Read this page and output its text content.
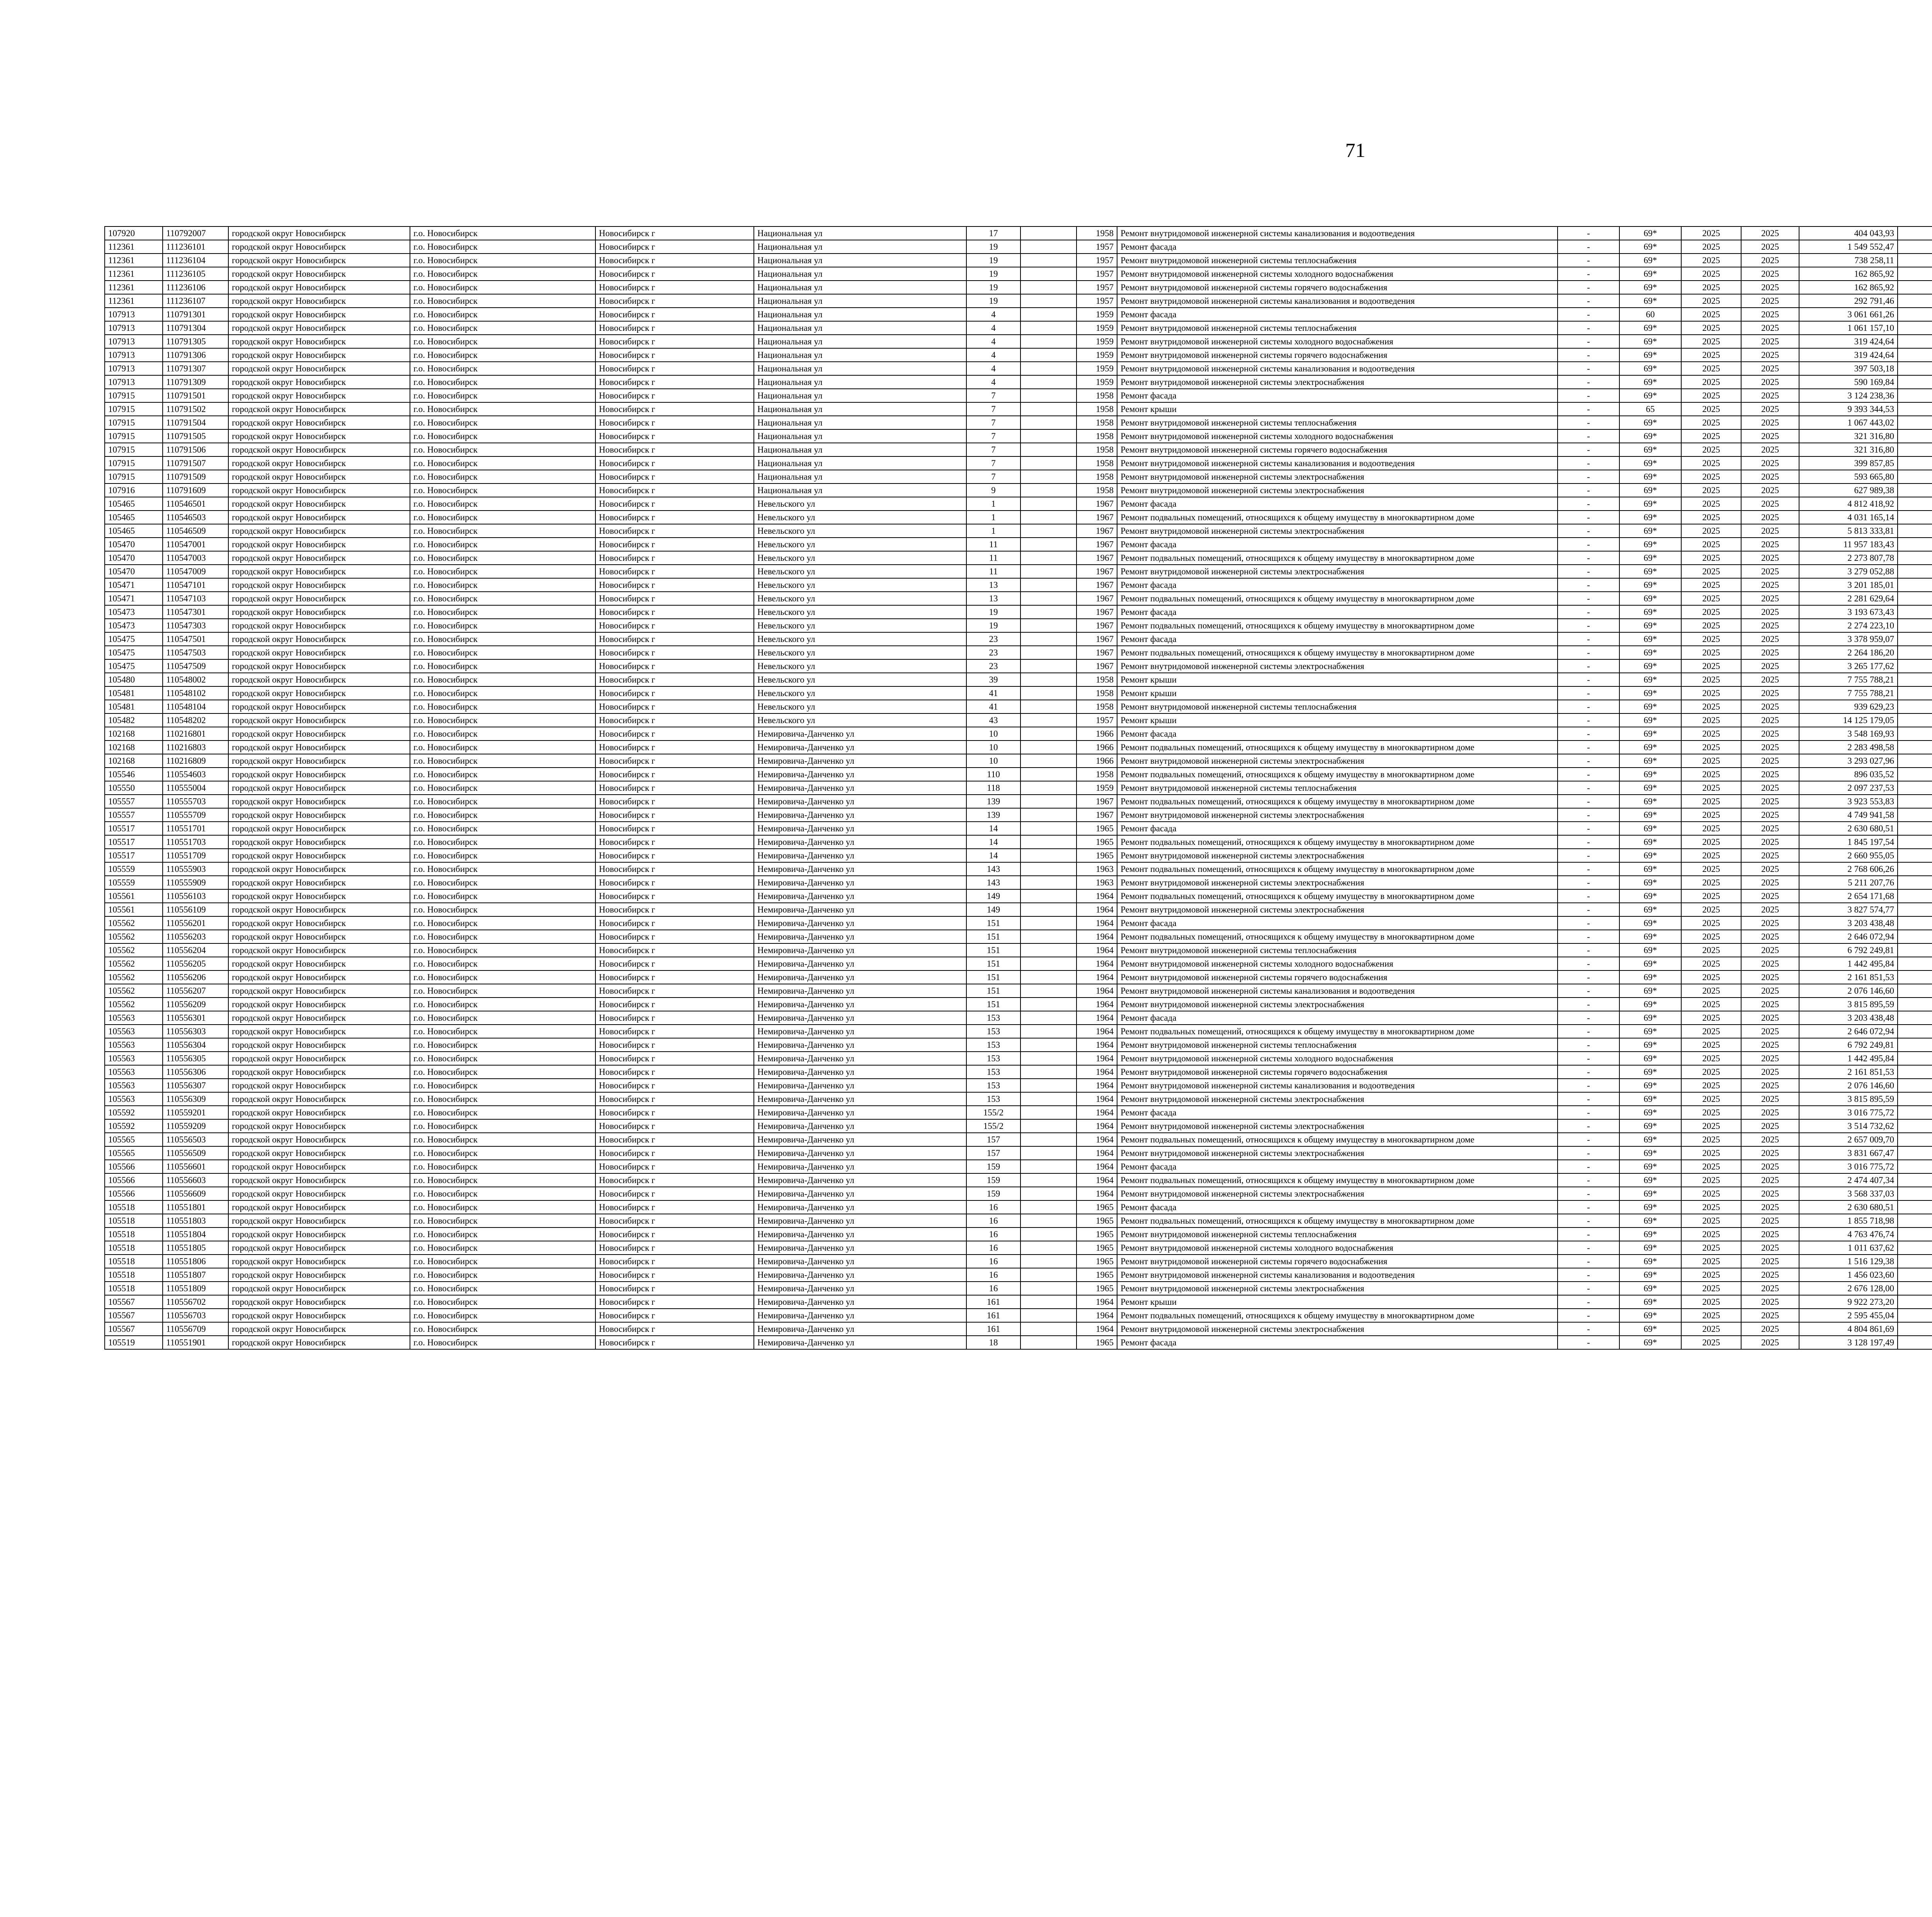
71
107920	110792007	городской округ Новосибирск	г.о. Новосибирск	Новосибирск г	Национальная ул	17		1958	Ремонт внутридомовой инженерной системы канализования и водоотведения	-	69*	2025	2025	404 043,93							
112361	111236101	городской округ Новосибирск	г.о. Новосибирск	Новосибирск г	Национальная ул	19		1957	Ремонт фасада	-	69*	2025	2025	1 549 552,47							
112361	111236104	городской округ Новосибирск	г.о. Новосибирск	Новосибирск г	Национальная ул	19		1957	Ремонт внутридомовой инженерной системы теплоснабжения	-	69*	2025	2025	738 258,11							
112361	111236105	городской округ Новосибирск	г.о. Новосибирск	Новосибирск г	Национальная ул	19		1957	Ремонт внутридомовой инженерной системы холодного водоснабжения	-	69*	2025	2025	162 865,92							
112361	111236106	городской округ Новосибирск	г.о. Новосибирск	Новосибирск г	Национальная ул	19		1957	Ремонт внутридомовой инженерной системы горячего водоснабжения	-	69*	2025	2025	162 865,92							
112361	111236107	городской округ Новосибирск	г.о. Новосибирск	Новосибирск г	Национальная ул	19		1957	Ремонт внутридомовой инженерной системы канализования и водоотведения	-	69*	2025	2025	292 791,46							
107913	110791301	городской округ Новосибирск	г.о. Новосибирск	Новосибирск г	Национальная ул	4		1959	Ремонт фасада	-	60	2025	2025	3 061 661,26							
107913	110791304	городской округ Новосибирск	г.о. Новосибирск	Новосибирск г	Национальная ул	4		1959	Ремонт внутридомовой инженерной системы теплоснабжения	-	69*	2025	2025	1 061 157,10							
107913	110791305	городской округ Новосибирск	г.о. Новосибирск	Новосибирск г	Национальная ул	4		1959	Ремонт внутридомовой инженерной системы холодного водоснабжения	-	69*	2025	2025	319 424,64							
107913	110791306	городской округ Новосибирск	г.о. Новосибирск	Новосибирск г	Национальная ул	4		1959	Ремонт внутридомовой инженерной системы горячего водоснабжения	-	69*	2025	2025	319 424,64							
107913	110791307	городской округ Новосибирск	г.о. Новосибирск	Новосибирск г	Национальная ул	4		1959	Ремонт внутридомовой инженерной системы канализования и водоотведения	-	69*	2025	2025	397 503,18							
107913	110791309	городской округ Новосибирск	г.о. Новосибирск	Новосибирск г	Национальная ул	4		1959	Ремонт внутридомовой инженерной системы электроснабжения	-	69*	2025	2025	590 169,84							
107915	110791501	городской округ Новосибирск	г.о. Новосибирск	Новосибирск г	Национальная ул	7		1958	Ремонт фасада	-	69*	2025	2025	3 124 238,36							
107915	110791502	городской округ Новосибирск	г.о. Новосибирск	Новосибирск г	Национальная ул	7		1958	Ремонт крыши	-	65	2025	2025	9 393 344,53							
107915	110791504	городской округ Новосибирск	г.о. Новосибирск	Новосибирск г	Национальная ул	7		1958	Ремонт внутридомовой инженерной системы теплоснабжения	-	69*	2025	2025	1 067 443,02							
107915	110791505	городской округ Новосибирск	г.о. Новосибирск	Новосибирск г	Национальная ул	7		1958	Ремонт внутридомовой инженерной системы холодного водоснабжения	-	69*	2025	2025	321 316,80							
107915	110791506	городской округ Новосибирск	г.о. Новосибирск	Новосибирск г	Национальная ул	7		1958	Ремонт внутридомовой инженерной системы горячего водоснабжения	-	69*	2025	2025	321 316,80							
107915	110791507	городской округ Новосибирск	г.о. Новосибирск	Новосибирск г	Национальная ул	7		1958	Ремонт внутридомовой инженерной системы канализования и водоотведения	-	69*	2025	2025	399 857,85							
107915	110791509	городской округ Новосибирск	г.о. Новосибирск	Новосибирск г	Национальная ул	7		1958	Ремонт внутридомовой инженерной системы электроснабжения	-	69*	2025	2025	593 665,80							
107916	110791609	городской округ Новосибирск	г.о. Новосибирск	Новосибирск г	Национальная ул	9		1958	Ремонт внутридомовой инженерной системы электроснабжения	-	69*	2025	2025	627 989,38							
105465	110546501	городской округ Новосибирск	г.о. Новосибирск	Новосибирск г	Невельского ул	1		1967	Ремонт фасада	-	69*	2025	2025	4 812 418,92							
105465	110546503	городской округ Новосибирск	г.о. Новосибирск	Новосибирск г	Невельского ул	1		1967	Ремонт подвальных помещений, относящихся к общему имуществу в многоквартирном доме	-	69*	2025	2025	4 031 165,14							
105465	110546509	городской округ Новосибирск	г.о. Новосибирск	Новосибирск г	Невельского ул	1		1967	Ремонт внутридомовой инженерной системы электроснабжения	-	69*	2025	2025	5 813 333,81							
105470	110547001	городской округ Новосибирск	г.о. Новосибирск	Новосибирск г	Невельского ул	11		1967	Ремонт фасада	-	69*	2025	2025	11 957 183,43							
105470	110547003	городской округ Новосибирск	г.о. Новосибирск	Новосибирск г	Невельского ул	11		1967	Ремонт подвальных помещений, относящихся к общему имуществу в многоквартирном доме	-	69*	2025	2025	2 273 807,78							
105470	110547009	городской округ Новосибирск	г.о. Новосибирск	Новосибирск г	Невельского ул	11		1967	Ремонт внутридомовой инженерной системы электроснабжения	-	69*	2025	2025	3 279 052,88							
105471	110547101	городской округ Новосибирск	г.о. Новосибирск	Новосибирск г	Невельского ул	13		1967	Ремонт фасада	-	69*	2025	2025	3 201 185,01							
105471	110547103	городской округ Новосибирск	г.о. Новосибирск	Новосибирск г	Невельского ул	13		1967	Ремонт подвальных помещений, относящихся к общему имуществу в многоквартирном доме	-	69*	2025	2025	2 281 629,64							
105473	110547301	городской округ Новосибирск	г.о. Новосибирск	Новосибирск г	Невельского ул	19		1967	Ремонт фасада	-	69*	2025	2025	3 193 673,43							
105473	110547303	городской округ Новосибирск	г.о. Новосибирск	Новосибирск г	Невельского ул	19		1967	Ремонт подвальных помещений, относящихся к общему имуществу в многоквартирном доме	-	69*	2025	2025	2 274 223,10							
105475	110547501	городской округ Новосибирск	г.о. Новосибирск	Новосибирск г	Невельского ул	23		1967	Ремонт фасада	-	69*	2025	2025	3 378 959,07							
105475	110547503	городской округ Новосибирск	г.о. Новосибирск	Новосибирск г	Невельского ул	23		1967	Ремонт подвальных помещений, относящихся к общему имуществу в многоквартирном доме	-	69*	2025	2025	2 264 186,20							
105475	110547509	городской округ Новосибирск	г.о. Новосибирск	Новосибирск г	Невельского ул	23		1967	Ремонт внутридомовой инженерной системы электроснабжения	-	69*	2025	2025	3 265 177,62							
105480	110548002	городской округ Новосибирск	г.о. Новосибирск	Новосибирск г	Невельского ул	39		1958	Ремонт крыши	-	69*	2025	2025	7 755 788,21							
105481	110548102	городской округ Новосибирск	г.о. Новосибирск	Новосибирск г	Невельского ул	41		1958	Ремонт крыши	-	69*	2025	2025	7 755 788,21							
105481	110548104	городской округ Новосибирск	г.о. Новосибирск	Новосибирск г	Невельского ул	41		1958	Ремонт внутридомовой инженерной системы теплоснабжения	-	69*	2025	2025	939 629,23							
105482	110548202	городской округ Новосибирск	г.о. Новосибирск	Новосибирск г	Невельского ул	43		1957	Ремонт крыши	-	69*	2025	2025	14 125 179,05							
102168	110216801	городской округ Новосибирск	г.о. Новосибирск	Новосибирск г	Немировича-Данченко ул	10		1966	Ремонт фасада	-	69*	2025	2025	3 548 169,93							
102168	110216803	городской округ Новосибирск	г.о. Новосибирск	Новосибирск г	Немировича-Данченко ул	10		1966	Ремонт подвальных помещений, относящихся к общему имуществу в многоквартирном доме	-	69*	2025	2025	2 283 498,58							
102168	110216809	городской округ Новосибирск	г.о. Новосибирск	Новосибирск г	Немировича-Данченко ул	10		1966	Ремонт внутридомовой инженерной системы электроснабжения	-	69*	2025	2025	3 293 027,96							
105546	110554603	городской округ Новосибирск	г.о. Новосибирск	Новосибирск г	Немировича-Данченко ул	110		1958	Ремонт подвальных помещений, относящихся к общему имуществу в многоквартирном доме	-	69*	2025	2025	896 035,52							
105550	110555004	городской округ Новосибирск	г.о. Новосибирск	Новосибирск г	Немировича-Данченко ул	118		1959	Ремонт внутридомовой инженерной системы теплоснабжения	-	69*	2025	2025	2 097 237,53							
105557	110555703	городской округ Новосибирск	г.о. Новосибирск	Новосибирск г	Немировича-Данченко ул	139		1967	Ремонт подвальных помещений, относящихся к общему имуществу в многоквартирном доме	-	69*	2025	2025	3 923 553,83							
105557	110555709	городской округ Новосибирск	г.о. Новосибирск	Новосибирск г	Немировича-Данченко ул	139		1967	Ремонт внутридомовой инженерной системы электроснабжения	-	69*	2025	2025	4 749 941,58							
105517	110551701	городской округ Новосибирск	г.о. Новосибирск	Новосибирск г	Немировича-Данченко ул	14		1965	Ремонт фасада	-	69*	2025	2025	2 630 680,51							
105517	110551703	городской округ Новосибирск	г.о. Новосибирск	Новосибирск г	Немировича-Данченко ул	14		1965	Ремонт подвальных помещений, относящихся к общему имуществу в многоквартирном доме	-	69*	2025	2025	1 845 197,54							
105517	110551709	городской округ Новосибирск	г.о. Новосибирск	Новосибирск г	Немировича-Данченко ул	14		1965	Ремонт внутридомовой инженерной системы электроснабжения	-	69*	2025	2025	2 660 955,05							
105559	110555903	городской округ Новосибирск	г.о. Новосибирск	Новосибирск г	Немировича-Данченко ул	143		1963	Ремонт подвальных помещений, относящихся к общему имуществу в многоквартирном доме	-	69*	2025	2025	2 768 606,26							
105559	110555909	городской округ Новосибирск	г.о. Новосибирск	Новосибирск г	Немировича-Данченко ул	143		1963	Ремонт внутридомовой инженерной системы электроснабжения	-	69*	2025	2025	5 211 207,76							
105561	110556103	городской округ Новосибирск	г.о. Новосибирск	Новосибирск г	Немировича-Данченко ул	149		1964	Ремонт подвальных помещений, относящихся к общему имуществу в многоквартирном доме	-	69*	2025	2025	2 654 171,68							
105561	110556109	городской округ Новосибирск	г.о. Новосибирск	Новосибирск г	Немировича-Данченко ул	149		1964	Ремонт внутридомовой инженерной системы электроснабжения	-	69*	2025	2025	3 827 574,77							
105562	110556201	городской округ Новосибирск	г.о. Новосибирск	Новосибирск г	Немировича-Данченко ул	151		1964	Ремонт фасада	-	69*	2025	2025	3 203 438,48							
105562	110556203	городской округ Новосибирск	г.о. Новосибирск	Новосибирск г	Немировича-Данченко ул	151		1964	Ремонт подвальных помещений, относящихся к общему имуществу в многоквартирном доме	-	69*	2025	2025	2 646 072,94							
105562	110556204	городской округ Новосибирск	г.о. Новосибирск	Новосибирск г	Немировича-Данченко ул	151		1964	Ремонт внутридомовой инженерной системы теплоснабжения	-	69*	2025	2025	6 792 249,81							
105562	110556205	городской округ Новосибирск	г.о. Новосибирск	Новосибирск г	Немировича-Данченко ул	151		1964	Ремонт внутридомовой инженерной системы холодного водоснабжения	-	69*	2025	2025	1 442 495,84							
105562	110556206	городской округ Новосибирск	г.о. Новосибирск	Новосибирск г	Немировича-Данченко ул	151		1964	Ремонт внутридомовой инженерной системы горячего водоснабжения	-	69*	2025	2025	2 161 851,53							
105562	110556207	городской округ Новосибирск	г.о. Новосибирск	Новосибирск г	Немировича-Данченко ул	151		1964	Ремонт внутридомовой инженерной системы канализования и водоотведения	-	69*	2025	2025	2 076 146,60							
105562	110556209	городской округ Новосибирск	г.о. Новосибирск	Новосибирск г	Немировича-Данченко ул	151		1964	Ремонт внутридомовой инженерной системы электроснабжения	-	69*	2025	2025	3 815 895,59							
105563	110556301	городской округ Новосибирск	г.о. Новосибирск	Новосибирск г	Немировича-Данченко ул	153		1964	Ремонт фасада	-	69*	2025	2025	3 203 438,48							
105563	110556303	городской округ Новосибирск	г.о. Новосибирск	Новосибирск г	Немировича-Данченко ул	153		1964	Ремонт подвальных помещений, относящихся к общему имуществу в многоквартирном доме	-	69*	2025	2025	2 646 072,94							
105563	110556304	городской округ Новосибирск	г.о. Новосибирск	Новосибирск г	Немировича-Данченко ул	153		1964	Ремонт внутридомовой инженерной системы теплоснабжения	-	69*	2025	2025	6 792 249,81							
105563	110556305	городской округ Новосибирск	г.о. Новосибирск	Новосибирск г	Немировича-Данченко ул	153		1964	Ремонт внутридомовой инженерной системы холодного водоснабжения	-	69*	2025	2025	1 442 495,84							
105563	110556306	городской округ Новосибирск	г.о. Новосибирск	Новосибирск г	Немировича-Данченко ул	153		1964	Ремонт внутридомовой инженерной системы горячего водоснабжения	-	69*	2025	2025	2 161 851,53							
105563	110556307	городской округ Новосибирск	г.о. Новосибирск	Новосибирск г	Немировича-Данченко ул	153		1964	Ремонт внутридомовой инженерной системы канализования и водоотведения	-	69*	2025	2025	2 076 146,60							
105563	110556309	городской округ Новосибирск	г.о. Новосибирск	Новосибирск г	Немировича-Данченко ул	153		1964	Ремонт внутридомовой инженерной системы электроснабжения	-	69*	2025	2025	3 815 895,59							
105592	110559201	городской округ Новосибирск	г.о. Новосибирск	Новосибирск г	Немировича-Данченко ул	155/2		1964	Ремонт фасада	-	69*	2025	2025	3 016 775,72							
105592	110559209	городской округ Новосибирск	г.о. Новосибирск	Новосибирск г	Немировича-Данченко ул	155/2		1964	Ремонт внутридомовой инженерной системы электроснабжения	-	69*	2025	2025	3 514 732,62							
105565	110556503	городской округ Новосибирск	г.о. Новосибирск	Новосибирск г	Немировича-Данченко ул	157		1964	Ремонт подвальных помещений, относящихся к общему имуществу в многоквартирном доме	-	69*	2025	2025	2 657 009,70							
105565	110556509	городской округ Новосибирск	г.о. Новосибирск	Новосибирск г	Немировича-Данченко ул	157		1964	Ремонт внутридомовой инженерной системы электроснабжения	-	69*	2025	2025	3 831 667,47							
105566	110556601	городской округ Новосибирск	г.о. Новосибирск	Новосибирск г	Немировича-Данченко ул	159		1964	Ремонт фасада	-	69*	2025	2025	3 016 775,72							
105566	110556603	городской округ Новосибирск	г.о. Новосибирск	Новосибирск г	Немировича-Данченко ул	159		1964	Ремонт подвальных помещений, относящихся к общему имуществу в многоквартирном доме	-	69*	2025	2025	2 474 407,34							
105566	110556609	городской округ Новосибирск	г.о. Новосибирск	Новосибирск г	Немировича-Данченко ул	159		1964	Ремонт внутридомовой инженерной системы электроснабжения	-	69*	2025	2025	3 568 337,03							
105518	110551801	городской округ Новосибирск	г.о. Новосибирск	Новосибирск г	Немировича-Данченко ул	16		1965	Ремонт фасада	-	69*	2025	2025	2 630 680,51							
105518	110551803	городской округ Новосибирск	г.о. Новосибирск	Новосибирск г	Немировича-Данченко ул	16		1965	Ремонт подвальных помещений, относящихся к общему имуществу в многоквартирном доме	-	69*	2025	2025	1 855 718,98							
105518	110551804	городской округ Новосибирск	г.о. Новосибирск	Новосибирск г	Немировича-Данченко ул	16		1965	Ремонт внутридомовой инженерной системы теплоснабжения	-	69*	2025	2025	4 763 476,74							
105518	110551805	городской округ Новосибирск	г.о. Новосибирск	Новосибирск г	Немировича-Данченко ул	16		1965	Ремонт внутридомовой инженерной системы холодного водоснабжения	-	69*	2025	2025	1 011 637,62							
105518	110551806	городской округ Новосибирск	г.о. Новосибирск	Новосибирск г	Немировича-Данченко ул	16		1965	Ремонт внутридомовой инженерной системы горячего водоснабжения	-	69*	2025	2025	1 516 129,38							
105518	110551807	городской округ Новосибирск	г.о. Новосибирск	Новосибирск г	Немировича-Данченко ул	16		1965	Ремонт внутридомовой инженерной системы канализования и водоотведения	-	69*	2025	2025	1 456 023,60							
105518	110551809	городской округ Новосибирск	г.о. Новосибирск	Новосибирск г	Немировича-Данченко ул	16		1965	Ремонт внутридомовой инженерной системы электроснабжения	-	69*	2025	2025	2 676 128,00							
105567	110556702	городской округ Новосибирск	г.о. Новосибирск	Новосибирск г	Немировича-Данченко ул	161		1964	Ремонт крыши	-	69*	2025	2025	9 922 273,20							
105567	110556703	городской округ Новосибирск	г.о. Новосибирск	Новосибирск г	Немировича-Данченко ул	161		1964	Ремонт подвальных помещений, относящихся к общему имуществу в многоквартирном доме	-	69*	2025	2025	2 595 455,04							
105567	110556709	городской округ Новосибирск	г.о. Новосибирск	Новосибирск г	Немировича-Данченко ул	161		1964	Ремонт внутридомовой инженерной системы электроснабжения	-	69*	2025	2025	4 804 861,69							
105519	110551901	городской округ Новосибирск	г.о. Новосибирск	Новосибирск г	Немировича-Данченко ул	18		1965	Ремонт фасада	-	69*	2025	2025	3 128 197,49							
